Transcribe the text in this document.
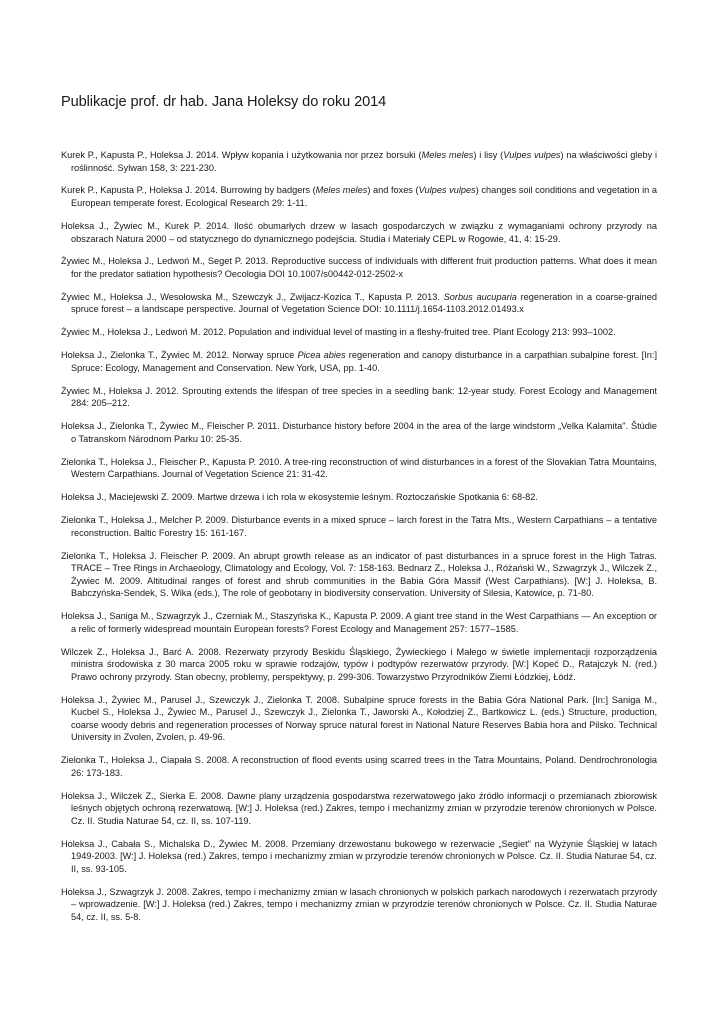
Publikacje prof. dr hab. Jana Holeksy do roku 2014

Kurek P., Kapusta P., Holeksa J. 2014. Wpływ kopania i użytkowania nor przez borsuki (Meles meles) i lisy (Vulpes vulpes) na właściwości gleby i roślinność. Sylwan 158, 3: 221-230.

Kurek P., Kapusta P., Holeksa J. 2014. Burrowing by badgers (Meles meles) and foxes (Vulpes vulpes) changes soil conditions and vegetation in a European temperate forest. Ecological Research 29: 1-11.

Holeksa J., Żywiec M., Kurek P. 2014. Ilość obumarłych drzew w lasach gospodarczych w związku z wymaganiami ochrony przyrody na obszarach Natura 2000 – od statycznego do dynamicznego podejścia. Studia i Materiały CEPL w Rogowie, 41, 4: 15-29.

Żywiec M., Holeksa J., Ledwoń M., Seget P. 2013. Reproductive success of individuals with different fruit production patterns. What does it mean for the predator satiation hypothesis? Oecologia DOI 10.1007/s00442-012-2502-x

Żywiec M., Holeksa J., Wesołowska M., Szewczyk J., Zwijacz-Kozica T., Kapusta P. 2013. Sorbus aucuparia regeneration in a coarse-grained spruce forest – a landscape perspective. Journal of Vegetation Science DOI: 10.1111/j.1654-1103.2012.01493.x

Żywiec M., Holeksa J., Ledwoń M. 2012. Population and individual level of masting in a fleshy-fruited tree. Plant Ecology 213: 993–1002.

Holeksa J., Zielonka T., Żywiec M. 2012. Norway spruce Picea abies regeneration and canopy disturbance in a carpathian subalpine forest. [In:] Spruce: Ecology, Management and Conservation. New York, USA, pp. 1-40.

Żywiec M., Holeksa J. 2012. Sprouting extends the lifespan of tree species in a seedling bank: 12-year study. Forest Ecology and Management 284: 205–212.

Holeksa J., Zielonka T., Żywiec M., Fleischer P. 2011. Disturbance history before 2004 in the area of the large windstorm „Velka Kalamita". Štúdie o Tatranskom Národnom Parku 10: 25-35.

Zielonka T., Holeksa J., Fleischer P., Kapusta P. 2010. A tree-ring reconstruction of wind disturbances in a forest of the Slovakian Tatra Mountains, Western Carpathians. Journal of Vegetation Science 21: 31-42.

Holeksa J., Maciejewski Z. 2009. Martwe drzewa i ich rola w ekosystemie leśnym. Roztoczańskie Spotkania 6: 68-82.

Zielonka T., Holeksa J., Melcher P. 2009. Disturbance events in a mixed spruce – larch forest in the Tatra Mts., Western Carpathians – a tentative reconstruction. Baltic Forestry 15: 161-167.

Zielonka T., Holeksa J. Fleischer P. 2009. An abrupt growth release as an indicator of past disturbances in a spruce forest in the High Tatras. TRACE – Tree Rings in Archaeology, Climatology and Ecology, Vol. 7: 158-163. Bednarz Z., Holeksa J., Różański W., Szwagrzyk J., Wilczek Z., Żywiec M. 2009. Altitudinal ranges of forest and shrub communities in the Babia Góra Massif (West Carpathians). [W:] J. Holeksa, B. Babczyńska-Sendek, S. Wika (eds.), The role of geobotany in biodiversity conservation. University of Silesia, Katowice, p. 71-80.

Holeksa J., Saniga M., Szwagrzyk J., Czerniak M., Staszyńska K., Kapusta P. 2009. A giant tree stand in the West Carpathians — An exception or a relic of formerly widespread mountain European forests? Forest Ecology and Management 257: 1577–1585.

Wilczek Z., Holeksa J., Barć A. 2008. Rezerwaty przyrody Beskidu Śląskiego, Żywieckiego i Małego w świetle implementacji rozporządzenia ministra środowiska z 30 marca 2005 roku w sprawie rodzajów, typów i podtypów rezerwatów przyrody. [W:] Kopeć D., Ratajczyk N. (red.) Prawo ochrony przyrody. Stan obecny, problemy, perspektywy, p. 299-306. Towarzystwo Przyrodników Ziemi Łódzkiej, Łódź.

Holeksa J., Żywiec M., Parusel J., Szewczyk J., Zielonka T. 2008. Subalpine spruce forests in the Babia Góra National Park. [In:] Saniga M., Kucbel S., Holeksa J., Żywiec M., Parusel J., Szewczyk J., Zielonka T., Jaworski A., Kołodziej Z., Bartkowicz L. (eds.) Structure, production, coarse woody debris and regeneration processes of Norway spruce natural forest in National Nature Reserves Babia hora and Pilsko. Technical University in Zvolen, Zvolen, p. 49-96.

Zielonka T., Holeksa J., Ciapała S. 2008. A reconstruction of flood events using scarred trees in the Tatra Mountains, Poland. Dendrochronologia 26: 173-183.

Holeksa J., Wilczek Z., Sierka E. 2008. Dawne plany urządzenia gospodarstwa rezerwatowego jako źródło informacji o przemianach zbiorowisk leśnych objętych ochroną rezerwatową. [W:] J. Holeksa (red.) Zakres, tempo i mechanizmy zmian w przyrodzie terenów chronionych w Polsce. Cz. II. Studia Naturae 54, cz. II, ss. 107-119.

Holeksa J., Cabała S., Michalska D., Żywiec M. 2008. Przemiany drzewostanu bukowego w rezerwacie „Segiet" na Wyżynie Śląskiej w latach 1949-2003. [W:] J. Holeksa (red.) Zakres, tempo i mechanizmy zmian w przyrodzie terenów chronionych w Polsce. Cz. II. Studia Naturae 54, cz. II, ss. 93-105.

Holeksa J., Szwagrzyk J. 2008. Zakres, tempo i mechanizmy zmian w lasach chronionych w polskich parkach narodowych i rezerwatach przyrody – wprowadzenie. [W:] J. Holeksa (red.) Zakres, tempo i mechanizmy zmian w przyrodzie terenów chronionych w Polsce. Cz. II. Studia Naturae 54, cz. II, ss. 5-8.
